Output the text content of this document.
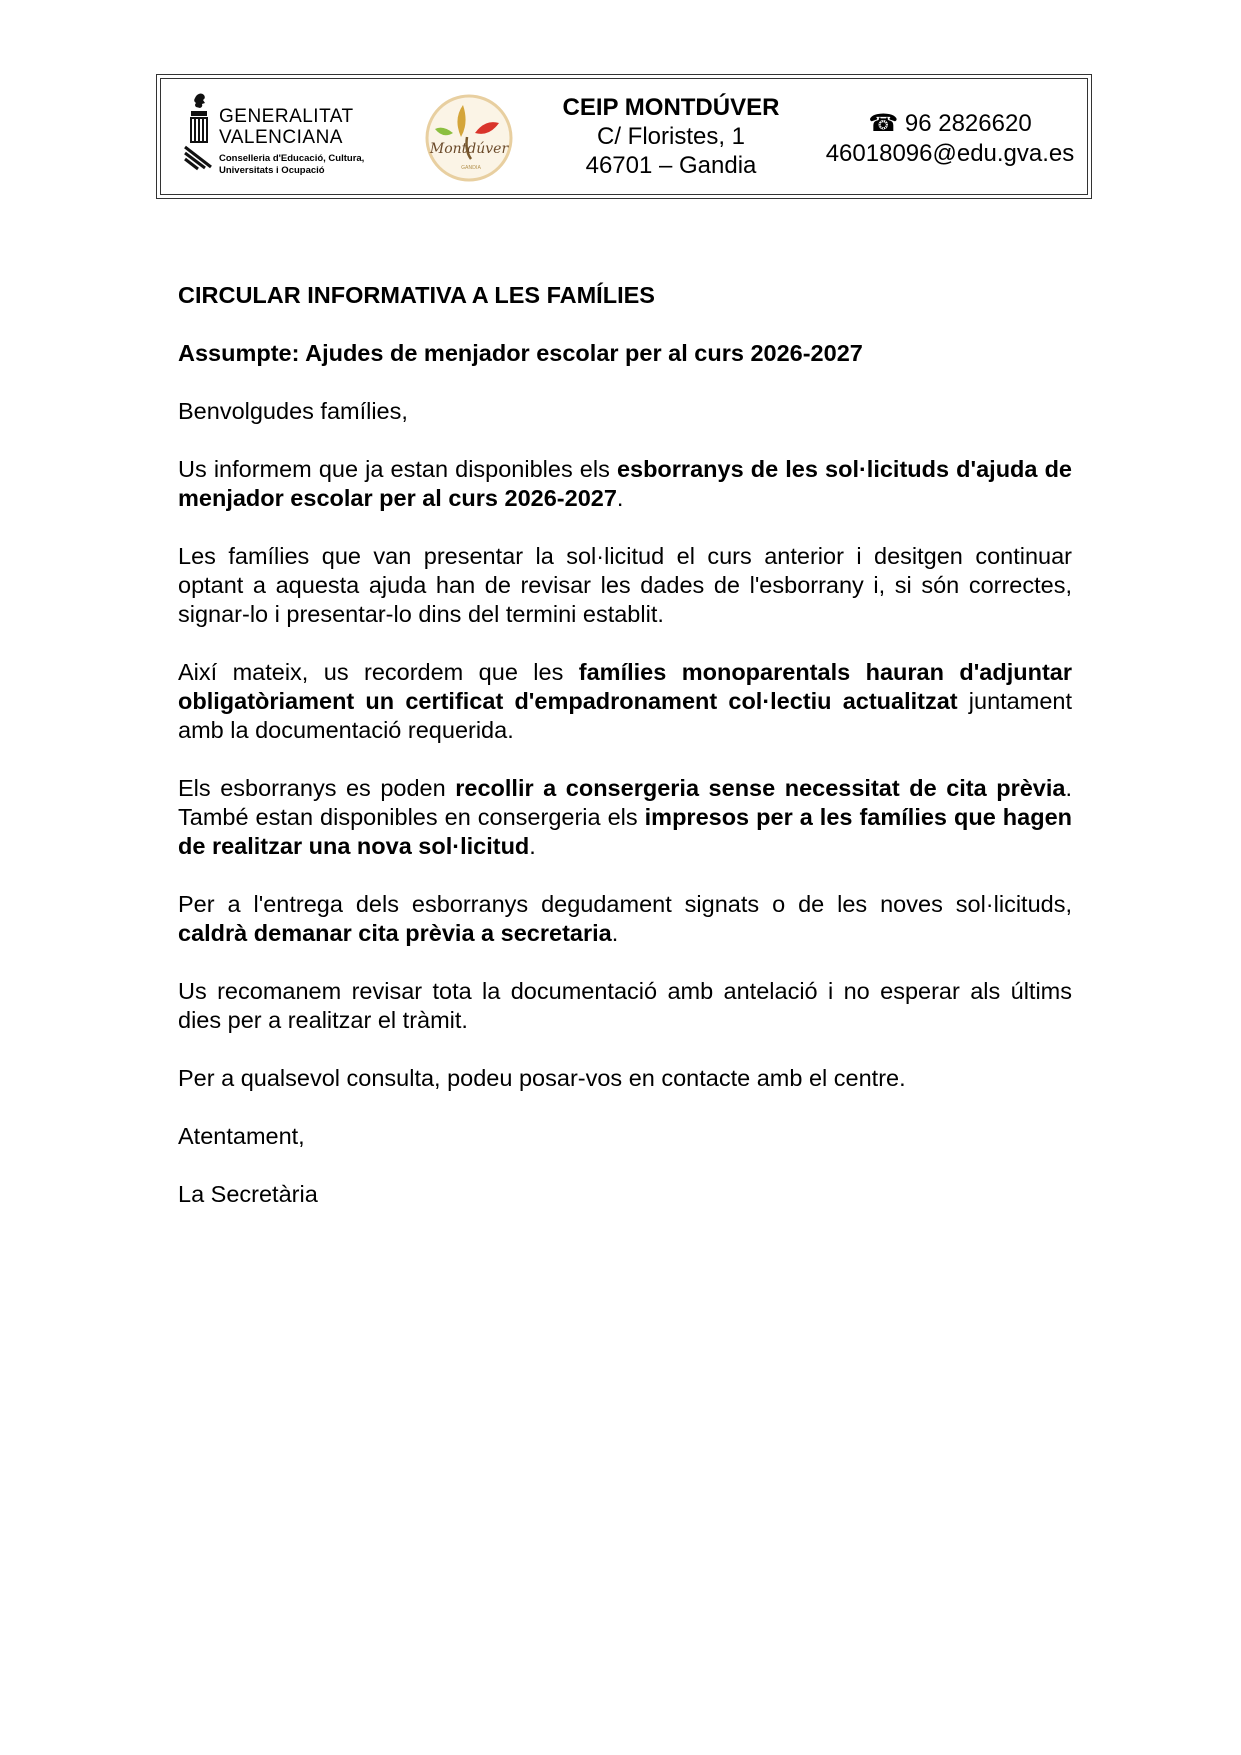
GENERALITAT
VALENCIANA
Conselleria d'Educació, Cultura,
Universitats i Ocupació
Montdúver
GANDIA
CEIP MONTDÚVER
C/ Floristes, 1
46701 – Gandia
☎ 96 2826620
46018096@edu.gva.es

CIRCULAR INFORMATIVA A LES FAMÍLIES

Assumpte: Ajudes de menjador escolar per al curs 2026-2027

Benvolgudes famílies,

Us informem que ja estan disponibles els esborranys de les sol·licituds d'ajuda de menjador escolar per al curs 2026-2027.

Les famílies que van presentar la sol·licitud el curs anterior i desitgen continuar optant a aquesta ajuda han de revisar les dades de l'esborrany i, si són correctes, signar-lo i presentar-lo dins del termini establit.

Així mateix, us recordem que les famílies monoparentals hauran d'adjuntar obligatòriament un certificat d'empadronament col·lectiu actualitzat juntament amb la documentació requerida.

Els esborranys es poden recollir a consergeria sense necessitat de cita prèvia. També estan disponibles en consergeria els impresos per a les famílies que hagen de realitzar una nova sol·licitud.

Per a l'entrega dels esborranys degudament signats o de les noves sol·licituds, caldrà demanar cita prèvia a secretaria.

Us recomanem revisar tota la documentació amb antelació i no esperar als últims dies per a realitzar el tràmit.

Per a qualsevol consulta, podeu posar-vos en contacte amb el centre.

Atentament,

La Secretària
